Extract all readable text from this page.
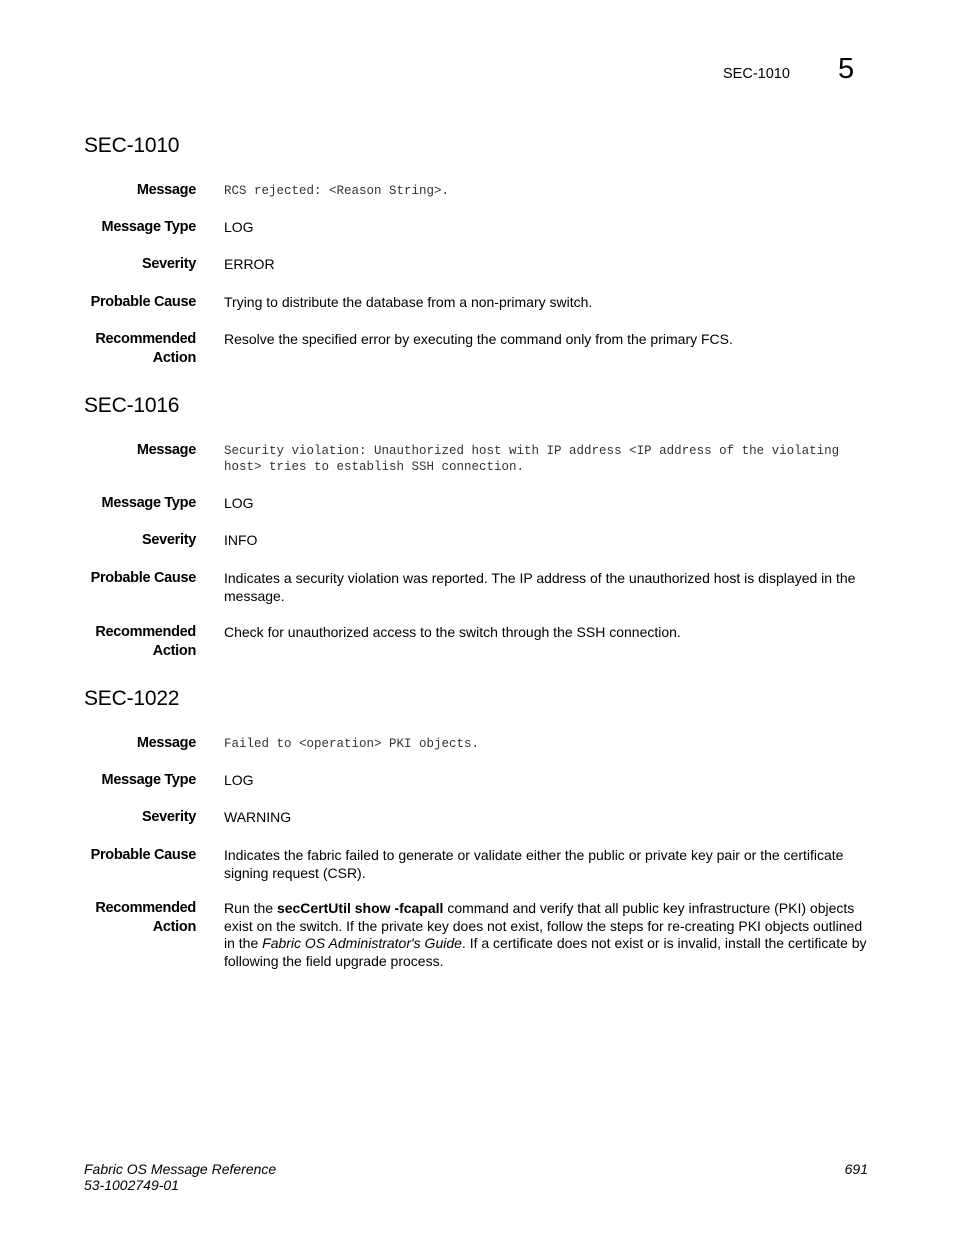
SEC-1010 5
SEC-1010
Message RCS rejected: <Reason String>.
Message Type LOG
Severity ERROR
Probable Cause Trying to distribute the database from a non-primary switch.
Recommended
Action
Resolve the specified error by executing the command only from the primary FCS.
SEC-1016
Message Security violation: Unauthorized host with IP address <IP address of the violating
host> tries to establish SSH connection.
Message Type LOG
Severity INFO
Probable Cause Indicates a security violation was reported. The IP address of the unauthorized host is displayed in the
message.
Recommended
Action
Check for unauthorized access to the switch through the SSH connection.
SEC-1022
Message Failed to <operation> PKI objects.
Message Type LOG
Severity WARNING
Probable Cause Indicates the fabric failed to generate or validate either the public or private key pair or the certificate
signing request (CSR).
Recommended
Action
Run the secCertUtil show -fcapall command and verify that all public key infrastructure (PKI) objects
exist on the switch. If the private key does not exist, follow the steps for re-creating PKI objects outlined
in the Fabric OS Administrator's Guide. If a certificate does not exist or is invalid, install the certificate by
following the field upgrade process.
Fabric OS Message Reference
53-1002749-01
691
